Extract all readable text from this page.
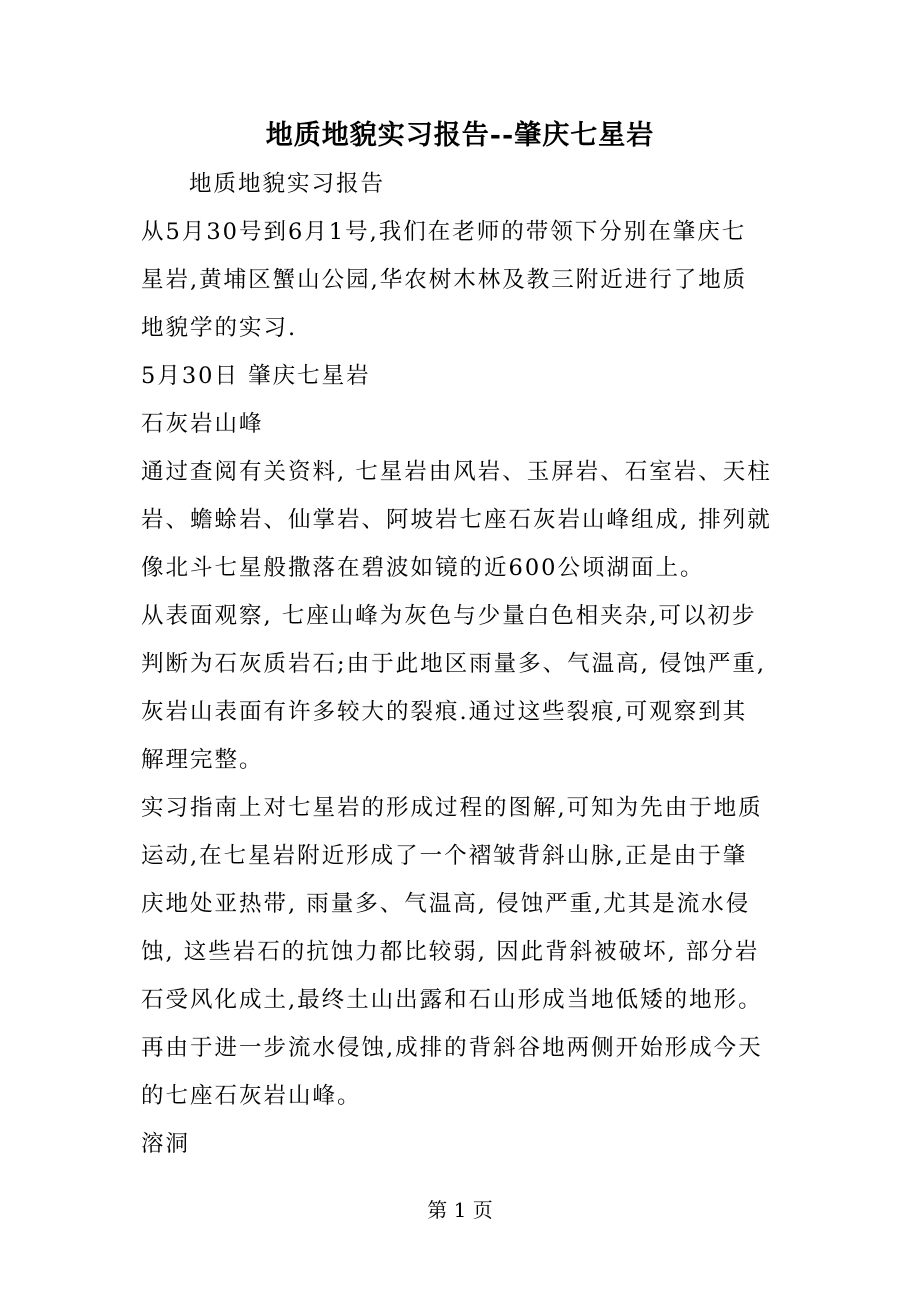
地质地貌实习报告--肇庆七星岩

地质地貌实习报告

从5月30号到6月1号,我们在老师的带领下分别在肇庆七

星岩,黄埔区蟹山公园,华农树木林及教三附近进行了地质

地貌学的实习.

5月30日 肇庆七星岩

石灰岩山峰

通过查阅有关资料, 七星岩由风岩、玉屏岩、石室岩、天柱

岩、蟾蜍岩、仙掌岩、阿坡岩七座石灰岩山峰组成, 排列就

像北斗七星般撒落在碧波如镜的近600公顷湖面上。

从表面观察, 七座山峰为灰色与少量白色相夹杂,可以初步

判断为石灰质岩石;由于此地区雨量多、气温高, 侵蚀严重,

灰岩山表面有许多较大的裂痕.通过这些裂痕,可观察到其

解理完整。

实习指南上对七星岩的形成过程的图解,可知为先由于地质

运动,在七星岩附近形成了一个褶皱背斜山脉,正是由于肇

庆地处亚热带, 雨量多、气温高, 侵蚀严重,尤其是流水侵

蚀, 这些岩石的抗蚀力都比较弱, 因此背斜被破坏, 部分岩

石受风化成土,最终土山出露和石山形成当地低矮的地形。

再由于进一步流水侵蚀,成排的背斜谷地两侧开始形成今天

的七座石灰岩山峰。

溶洞

第 1 页
